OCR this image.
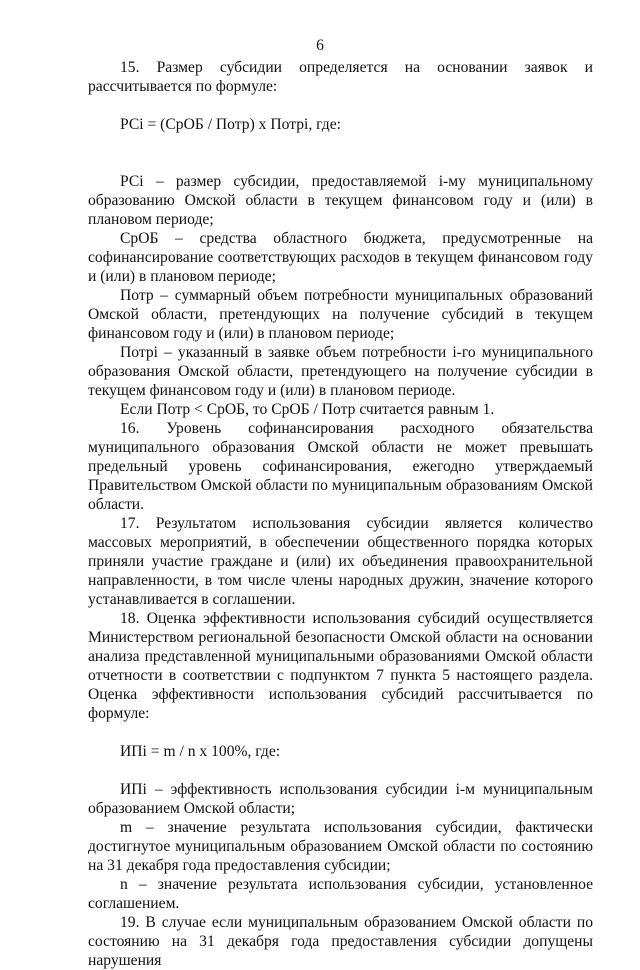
6

15. Размер субсидии определяется на основании заявок и рассчитывается по формуле:

РСi = (СрОБ / Потр) x Потрi, где:

РСi – размер субсидии, предоставляемой i-му муниципальному образованию Омской области в текущем финансовом году и (или) в плановом периоде;

СрОБ – средства областного бюджета, предусмотренные на софинансирование соответствующих расходов в текущем финансовом году и (или) в плановом периоде;

Потр – суммарный объем потребности муниципальных образований Омской области, претендующих на получение субсидий в текущем финансовом году и (или) в плановом периоде;

Потрi – указанный в заявке объем потребности i-го муниципального образования Омской области, претендующего на получение субсидии в текущем финансовом году и (или) в плановом периоде.

Если Потр < СрОБ, то СрОБ / Потр считается равным 1.

16. Уровень софинансирования расходного обязательства муниципального образования Омской области не может превышать предельный уровень софинансирования, ежегодно утверждаемый Правительством Омской области по муниципальным образованиям Омской области.

17. Результатом использования субсидии является количество массовых мероприятий, в обеспечении общественного порядка которых приняли участие граждане и (или) их объединения правоохранительной направленности, в том числе члены народных дружин, значение которого устанавливается в соглашении.

18. Оценка эффективности использования субсидий осуществляется Министерством региональной безопасности Омской области на основании анализа представленной муниципальными образованиями Омской области отчетности в соответствии с подпунктом 7 пункта 5 настоящего раздела. Оценка эффективности использования субсидий рассчитывается по формуле:

ИПi = m / n x 100%, где:

ИПi – эффективность использования субсидии i-м муниципальным образованием Омской области;

m – значение результата использования субсидии, фактически достигнутое муниципальным образованием Омской области по состоянию на 31 декабря года предоставления субсидии;

n – значение результата использования субсидии, установленное соглашением.

19. В случае если муниципальным образованием Омской области по состоянию на 31 декабря года предоставления субсидии допущены нарушения
